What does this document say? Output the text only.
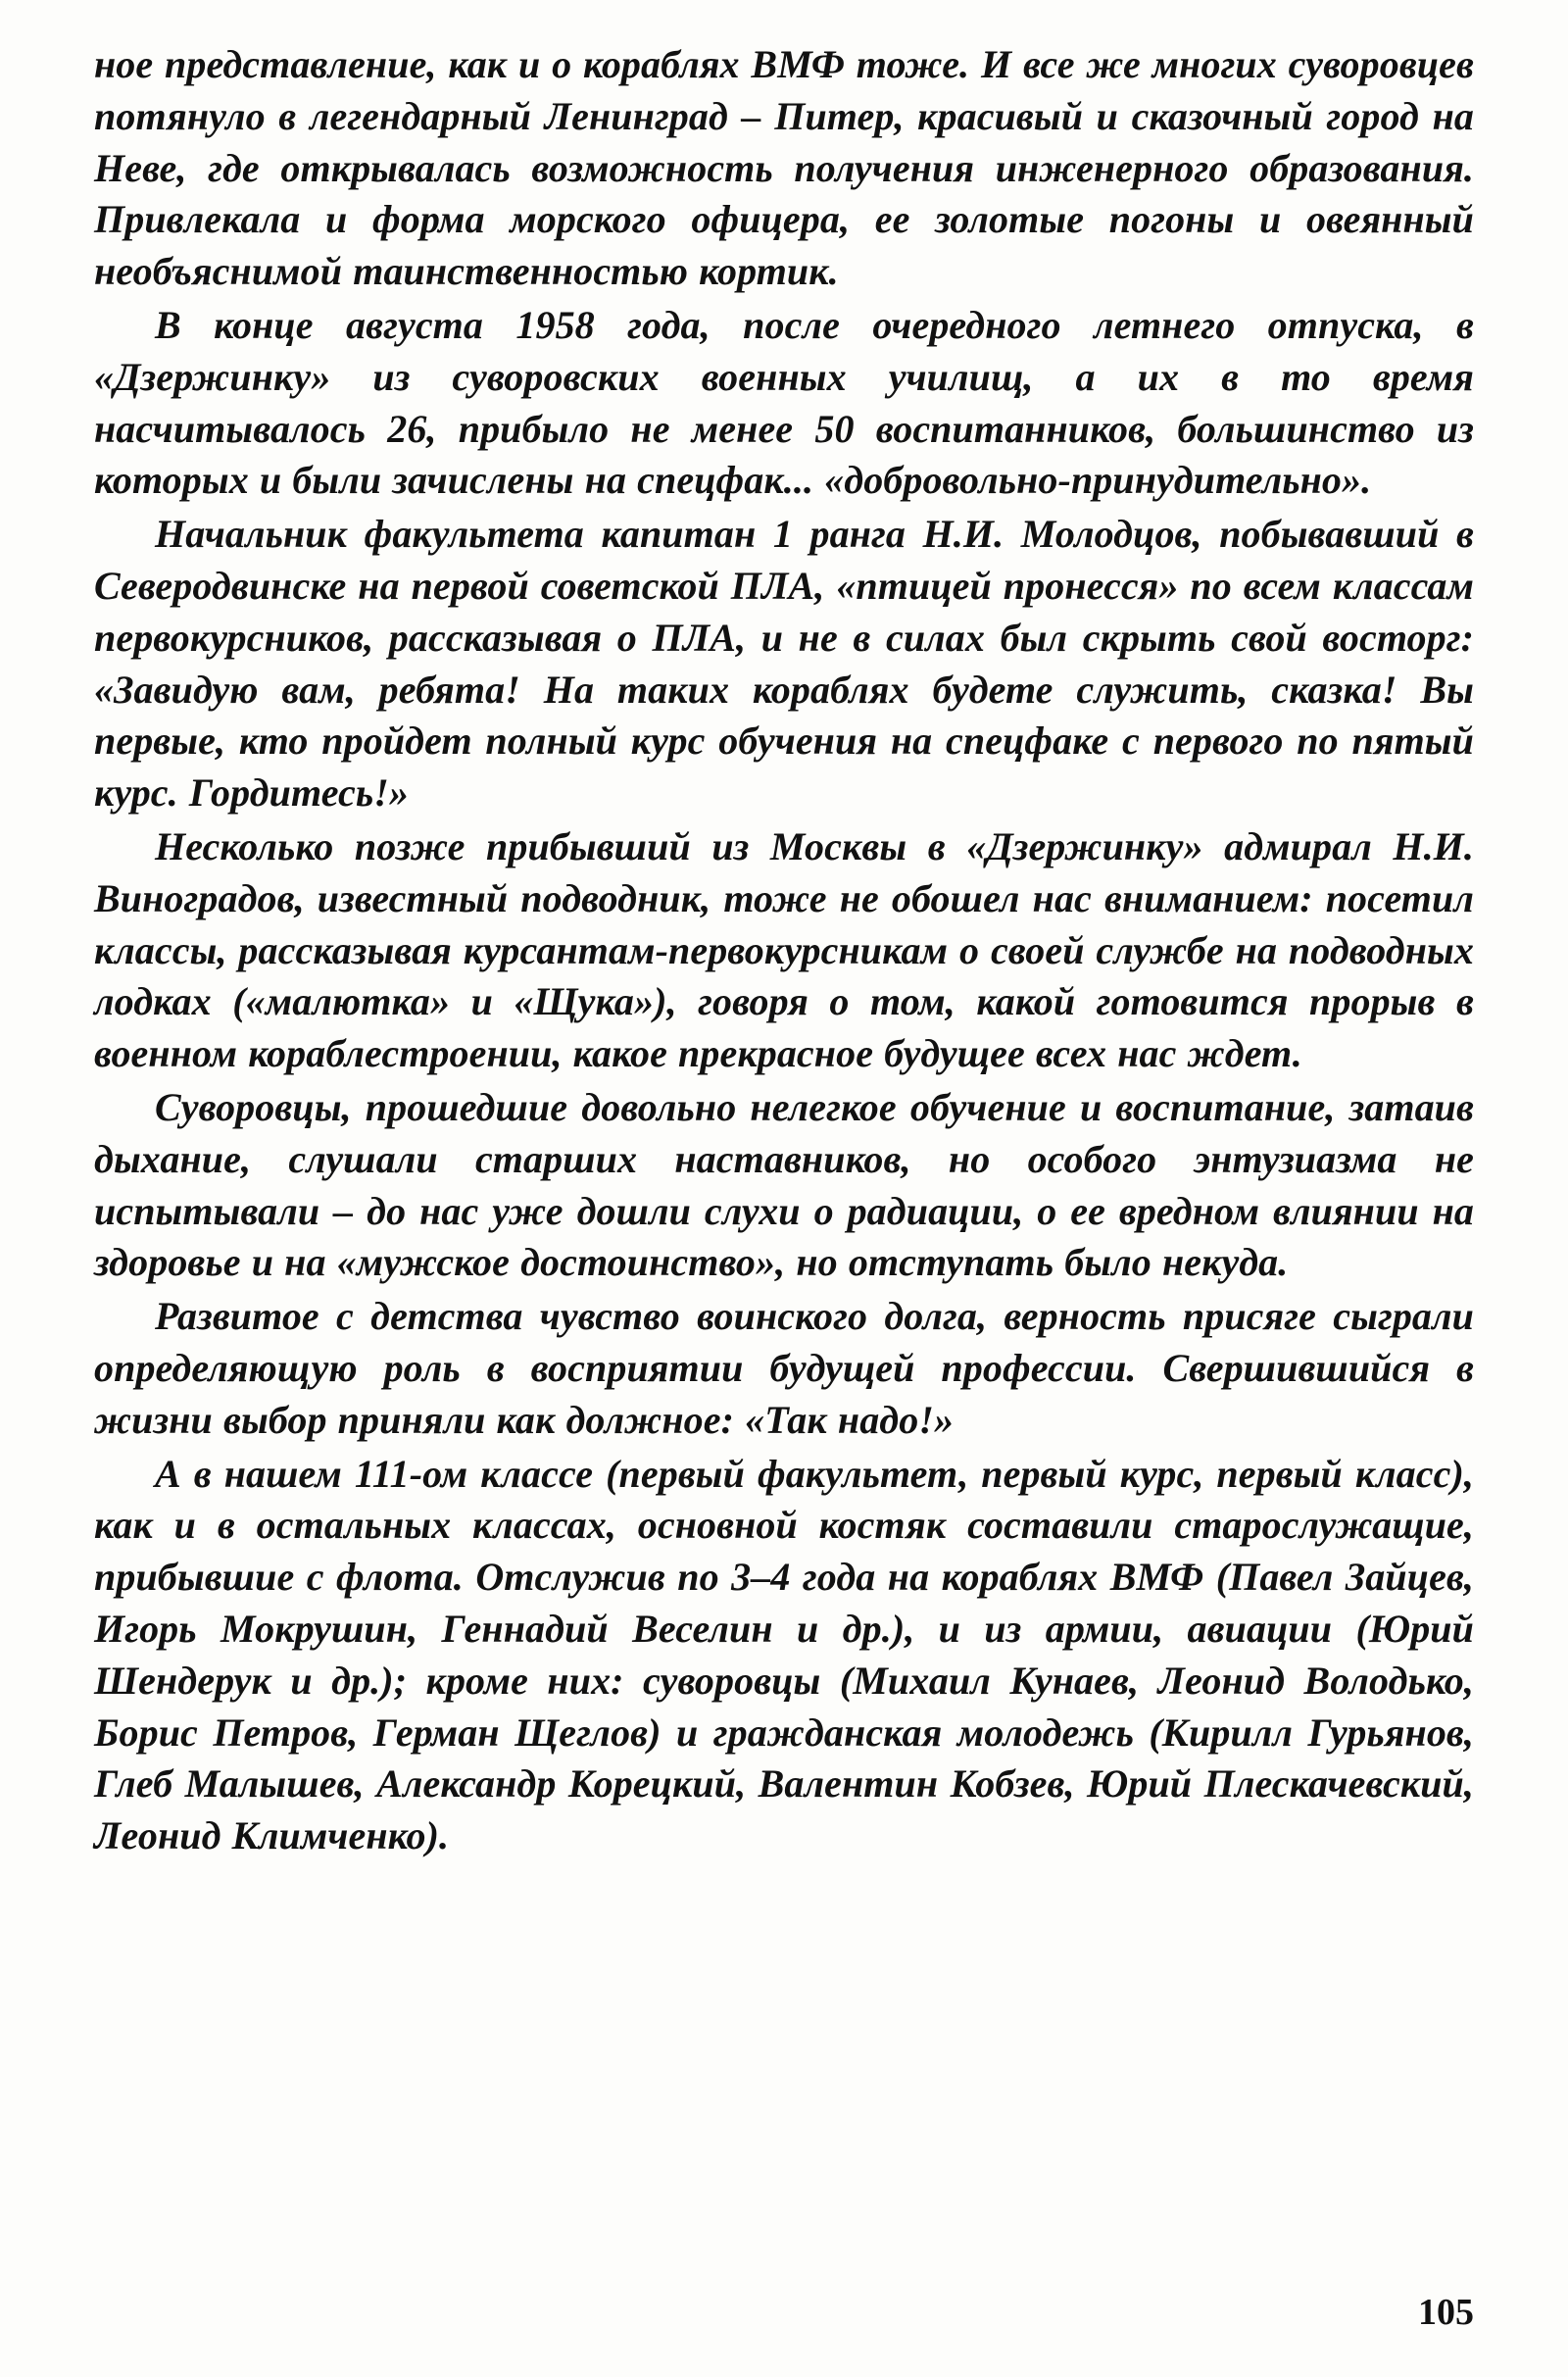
ное представление, как и о кораблях ВМФ тоже. И все же многих суворовцев потянуло в легендарный Ленинград – Питер, красивый и сказочный город на Неве, где открывалась возможность получения инженерного образования. Привлекала и форма морского офицера, ее золотые погоны и овеянный необъяснимой таинственностью кортик.

В конце августа 1958 года, после очередного летнего отпуска, в «Дзержинку» из суворовских военных училищ, а их в то время насчитывалось 26, прибыло не менее 50 воспитанников, большинство из которых и были зачислены на спецфак... «добровольно-принудительно».

Начальник факультета капитан 1 ранга Н.И. Молодцов, побывавший в Северодвинске на первой советской ПЛА, «птицей пронесся» по всем классам первокурсников, рассказывая о ПЛА, и не в силах был скрыть свой восторг: «Завидую вам, ребята! На таких кораблях будете служить, сказка! Вы первые, кто пройдет полный курс обучения на спецфаке с первого по пятый курс. Гордитесь!»

Несколько позже прибывший из Москвы в «Дзержинку» адмирал Н.И. Виноградов, известный подводник, тоже не обошел нас вниманием: посетил классы, рассказывая курсантам-первокурсникам о своей службе на подводных лодках («малютка» и «Щука»), говоря о том, какой готовится прорыв в военном кораблестроении, какое прекрасное будущее всех нас ждет.

Суворовцы, прошедшие довольно нелегкое обучение и воспитание, затаив дыхание, слушали старших наставников, но особого энтузиазма не испытывали – до нас уже дошли слухи о радиации, о ее вредном влиянии на здоровье и на «мужское достоинство», но отступать было некуда.

Развитое с детства чувство воинского долга, верность присяге сыграли определяющую роль в восприятии будущей профессии. Свершившийся в жизни выбор приняли как должное: «Так надо!»

А в нашем 111-ом классе (первый факультет, первый курс, первый класс), как и в остальных классах, основной костяк составили старослужащие, прибывшие с флота. Отслужив по 3–4 года на кораблях ВМФ (Павел Зайцев, Игорь Мокрушин, Геннадий Веселин и др.), и из армии, авиации (Юрий Шендерук и др.); кроме них: суворовцы (Михаил Кунаев, Леонид Володько, Борис Петров, Герман Щеглов) и гражданская молодежь (Кирилл Гурьянов, Глеб Малышев, Александр Корецкий, Валентин Кобзев, Юрий Плескачевский, Леонид Климченко).

105
